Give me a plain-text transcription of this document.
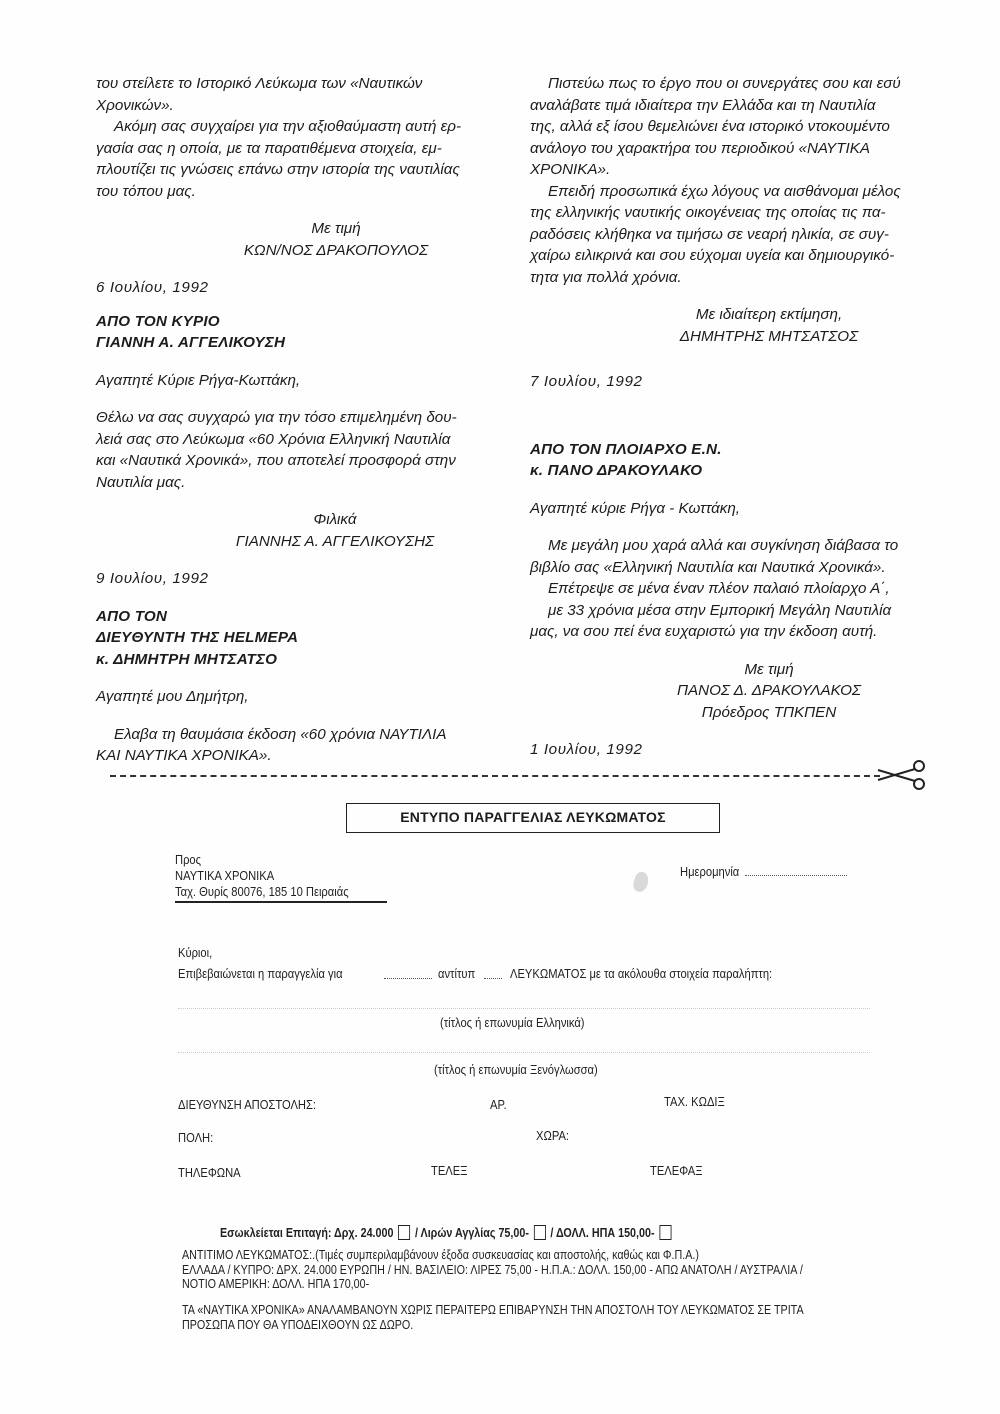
του στείλετε το Ιστορικό Λεύκωμα των «Ναυτικών

Χρονικών».

Ακόμη σας συγχαίρει για την αξιοθαύμαστη αυτή ερ-

γασία σας η οποία, με τα παρατιθέμενα στοιχεία, εμ-

πλουτίζει τις γνώσεις επάνω στην ιστορία της ναυτιλίας

του τόπου μας.

Με τιμή

ΚΩΝ/ΝΟΣ ΔΡΑΚΟΠΟΥΛΟΣ

6 Ιουλίου, 1992

ΑΠΟ ΤΟΝ ΚΥΡΙΟ

ΓΙΑΝΝΗ Α. ΑΓΓΕΛΙΚΟΥΣΗ

Αγαπητέ Κύριε Ρήγα-Κωττάκη,

Θέλω να σας συγχαρώ για την τόσο επιμελημένη δου-

λειά σας στο Λεύκωμα «60 Χρόνια Ελληνική Ναυτιλία

και «Ναυτικά Χρονικά», που αποτελεί προσφορά στην

Ναυτιλία μας.

Φιλικά

ΓΙΑΝΝΗΣ Α. ΑΓΓΕΛΙΚΟΥΣΗΣ

9 Ιουλίου, 1992

ΑΠΟ ΤΟΝ

ΔΙΕΥΘΥΝΤΗ ΤΗΣ HELMEPA

κ. ΔΗΜΗΤΡΗ ΜΗΤΣΑΤΣΟ

Αγαπητέ μου Δημήτρη,

Ελαβα τη θαυμάσια έκδοση «60 χρόνια ΝΑΥΤΙΛΙΑ

ΚΑΙ ΝΑΥΤΙΚΑ ΧΡΟΝΙΚΑ».

Πιστεύω πως το έργο που οι συνεργάτες σου και εσύ

αναλάβατε τιμά ιδιαίτερα την Ελλάδα και τη Ναυτιλία

της, αλλά εξ ίσου θεμελιώνει ένα ιστορικό ντοκουμέντο

ανάλογο του χαρακτήρα του περιοδικού «ΝΑΥΤΙΚΑ

ΧΡΟΝΙΚΑ».

Επειδή προσωπικά έχω λόγους να αισθάνομαι μέλος

της ελληνικής ναυτικής οικογένειας της οποίας τις πα-

ραδόσεις κλήθηκα να τιμήσω σε νεαρή ηλικία, σε συγ-

χαίρω ειλικρινά και σου εύχομαι υγεία και δημιουργικό-

τητα για πολλά χρόνια.

Με ιδιαίτερη εκτίμηση,

ΔΗΜΗΤΡΗΣ ΜΗΤΣΑΤΣΟΣ

7 Ιουλίου, 1992

ΑΠΟ ΤΟΝ ΠΛΟΙΑΡΧΟ Ε.Ν.

κ. ΠΑΝΟ ΔΡΑΚΟΥΛΑΚΟ

Αγαπητέ κύριε Ρήγα - Κωττάκη,

Με μεγάλη μου χαρά αλλά και συγκίνηση διάβασα το

βιβλίο σας «Ελληνική Ναυτιλία και Ναυτικά Χρονικά».

Επέτρεψε σε μένα έναν πλέον παλαιό πλοίαρχο Α΄,

με 33 χρόνια μέσα στην Εμπορική Μεγάλη Ναυτιλία

μας, να σου πεί ένα ευχαριστώ για την έκδοση αυτή.

Με τιμή

ΠΑΝΟΣ Δ. ΔΡΑΚΟΥΛΑΚΟΣ

Πρόεδρος ΤΠΚΠΕΝ

1 Ιουλίου, 1992

ΕΝΤΥΠΟ ΠΑΡΑΓΓΕΛΙΑΣ ΛΕΥΚΩΜΑΤΟΣ
Προς
ΝΑΥΤΙΚΑ ΧΡΟΝΙΚΑ
Ταχ. Θυρίς 80076, 185 10 Πειραιάς
Ημερομηνία
Κύριοι,
Επιβεβαιώνεται η παραγγελία για	αντίτυπ	ΛΕΥΚΩΜΑΤΟΣ με τα ακόλουθα στοιχεία παραλήπτη:
(τίτλος ή επωνυμία Ελληνικά)
(τίτλος ή επωνυμία Ξενόγλωσσα)
ΔΙΕΥΘΥΝΣΗ ΑΠΟΣΤΟΛΗΣ:	ΑΡ.	ΤΑΧ. ΚΩΔΙΞ
ΠΟΛΗ:	ΧΩΡΑ:
ΤΗΛΕΦΩΝΑ	ΤΕΛΕΞ	ΤΕΛΕΦΑΞ
Εσωκλείεται Επιταγή: Δρχ. 24.000 / Λιρών Αγγλίας 75,00- / ΔΟΛΛ. ΗΠΑ 150,00-
ΑΝΤΙΤΙΜΟ ΛΕΥΚΩΜΑΤΟΣ:.(Τιμές συμπεριλαμβάνουν έξοδα συσκευασίας και αποστολής, καθώς και Φ.Π.Α.)
ΕΛΛΑΔΑ / ΚΥΠΡΟ: ΔΡΧ. 24.000 ΕΥΡΩΠΗ / ΗΝ. ΒΑΣΙΛΕΙΟ: ΛΙΡΕΣ 75,00 - Η.Π.Α.: ΔΟΛΛ. 150,00 - ΑΠΩ ΑΝΑΤΟΛΗ / ΑΥΣΤΡΑΛΙΑ /
ΝΟΤΙΟ ΑΜΕΡΙΚΗ: ΔΟΛΛ. ΗΠΑ 170,00-
ΤΑ «ΝΑΥΤΙΚΑ ΧΡΟΝΙΚΑ» ΑΝΑΛΑΜΒΑΝΟΥΝ ΧΩΡΙΣ ΠΕΡΑΙΤΕΡΩ ΕΠΙΒΑΡΥΝΣΗ ΤΗΝ ΑΠΟΣΤΟΛΗ ΤΟΥ ΛΕΥΚΩΜΑΤΟΣ ΣΕ ΤΡΙΤΑ
ΠΡΟΣΩΠΑ ΠΟΥ ΘΑ ΥΠΟΔΕΙΧΘΟΥΝ ΩΣ ΔΩΡΟ.
